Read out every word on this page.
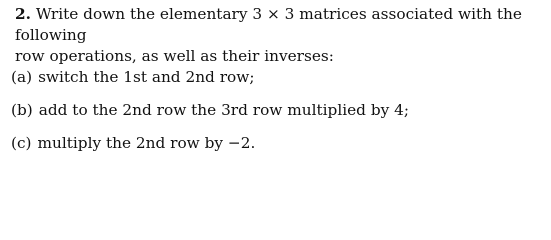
2. Write down the elementary 3 × 3 matrices associated with the following
row operations, as well as their inverses:

(a) switch the 1st and 2nd row;
(b) add to the 2nd row the 3rd row multiplied by 4;
(c) multiply the 2nd row by −2.
